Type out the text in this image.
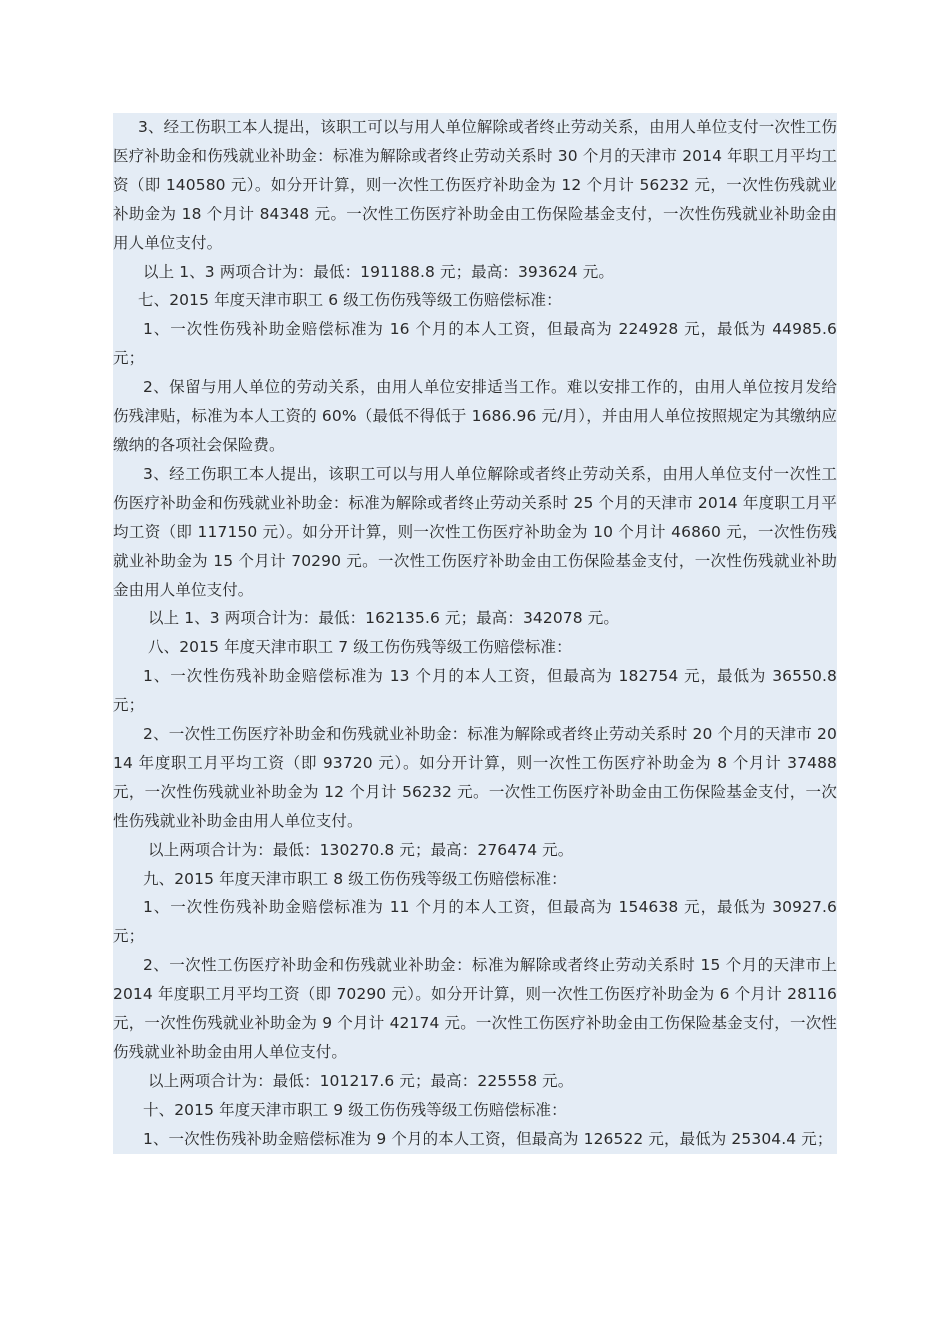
3、经工伤职工本人提出，该职工可以与用人单位解除或者终止劳动关系，由用人单位支付一次性工伤医疗补助金和伤残就业补助金：标准为解除或者终止劳动关系时 30 个月的天津市 2014 年职工月平均工资（即 140580 元）。如分开计算，则一次性工伤医疗补助金为 12 个月计 56232 元，一次性伤残就业补助金为 18 个月计 84348 元。一次性工伤医疗补助金由工伤保险基金支付，一次性伤残就业补助金由用人单位支付。

以上 1、3 两项合计为：最低：191188.8 元；最高：393624 元。

七、2015 年度天津市职工 6 级工伤伤残等级工伤赔偿标准：

1、一次性伤残补助金赔偿标准为 16 个月的本人工资，但最高为 224928 元，最低为 44985.6 元；

2、保留与用人单位的劳动关系，由用人单位安排适当工作。难以安排工作的，由用人单位按月发给伤残津贴，标准为本人工资的 60%（最低不得低于 1686.96 元/月），并由用人单位按照规定为其缴纳应缴纳的各项社会保险费。

3、经工伤职工本人提出，该职工可以与用人单位解除或者终止劳动关系，由用人单位支付一次性工伤医疗补助金和伤残就业补助金：标准为解除或者终止劳动关系时 25 个月的天津市 2014 年度职工月平均工资（即 117150 元）。如分开计算，则一次性工伤医疗补助金为 10 个月计 46860 元，一次性伤残就业补助金为 15 个月计 70290 元。一次性工伤医疗补助金由工伤保险基金支付，一次性伤残就业补助金由用人单位支付。

以上 1、3 两项合计为：最低：162135.6 元；最高：342078 元。

八、2015 年度天津市职工 7 级工伤伤残等级工伤赔偿标准：

1、一次性伤残补助金赔偿标准为 13 个月的本人工资，但最高为 182754 元，最低为 36550.8 元；

2、一次性工伤医疗补助金和伤残就业补助金：标准为解除或者终止劳动关系时 20 个月的天津市 2014 年度职工月平均工资（即 93720 元）。如分开计算，则一次性工伤医疗补助金为 8 个月计 37488 元，一次性伤残就业补助金为 12 个月计 56232 元。一次性工伤医疗补助金由工伤保险基金支付，一次性伤残就业补助金由用人单位支付。

以上两项合计为：最低：130270.8 元；最高：276474 元。

九、2015 年度天津市职工 8 级工伤伤残等级工伤赔偿标准：

1、一次性伤残补助金赔偿标准为 11 个月的本人工资，但最高为 154638 元，最低为 30927.6 元；

2、一次性工伤医疗补助金和伤残就业补助金：标准为解除或者终止劳动关系时 15 个月的天津市上 2014 年度职工月平均工资（即 70290 元）。如分开计算，则一次性工伤医疗补助金为 6 个月计 28116 元，一次性伤残就业补助金为 9 个月计 42174 元。一次性工伤医疗补助金由工伤保险基金支付，一次性伤残就业补助金由用人单位支付。

以上两项合计为：最低：101217.6 元；最高：225558 元。

十、2015 年度天津市职工 9 级工伤伤残等级工伤赔偿标准：

1、一次性伤残补助金赔偿标准为 9 个月的本人工资，但最高为 126522 元，最低为 25304.4 元；
